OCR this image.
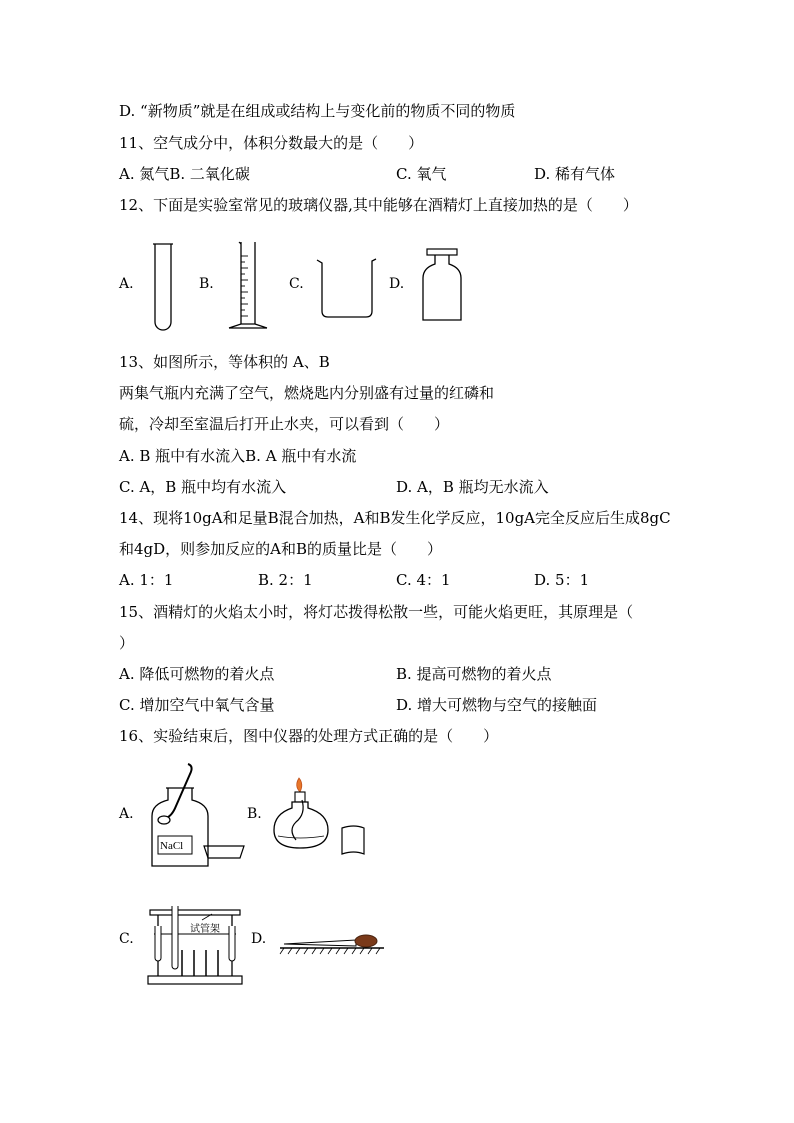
D. “新物质”就是在组成或结构上与变化前的物质不同的物质
11、空气成分中，体积分数最大的是（　　）
A. 氮气B. 二氧化碳	C. 氧气	D. 稀有气体
12、下面是实验室常见的玻璃仪器,其中能够在酒精灯上直接加热的是（　　）
A.	B.	C.	D.
13、如图所示，等体积的 A、B
两集气瓶内充满了空气，燃烧匙内分别盛有过量的红磷和
硫，冷却至室温后打开止水夹，可以看到（　　）
A. B 瓶中有水流入B. A 瓶中有水流
C. A，B 瓶中均有水流入	D. A，B 瓶均无水流入
14、现将10gA和足量B混合加热，A和B发生化学反应，10gA完全反应后生成8gC
和4gD，则参加反应的A和B的质量比是（　　）
A. 1：1	B. 2：1	C. 4：1	D. 5：1
15、酒精灯的火焰太小时，将灯芯拨得松散一些，可能火焰更旺，其原理是（
）
A. 降低可燃物的着火点	B. 提高可燃物的着火点
C. 增加空气中氧气含量	D. 增大可燃物与空气的接触面
16、实验结束后，图中仪器的处理方式正确的是（　　）
A.
NaCl
B.
C.
试管架
D.
